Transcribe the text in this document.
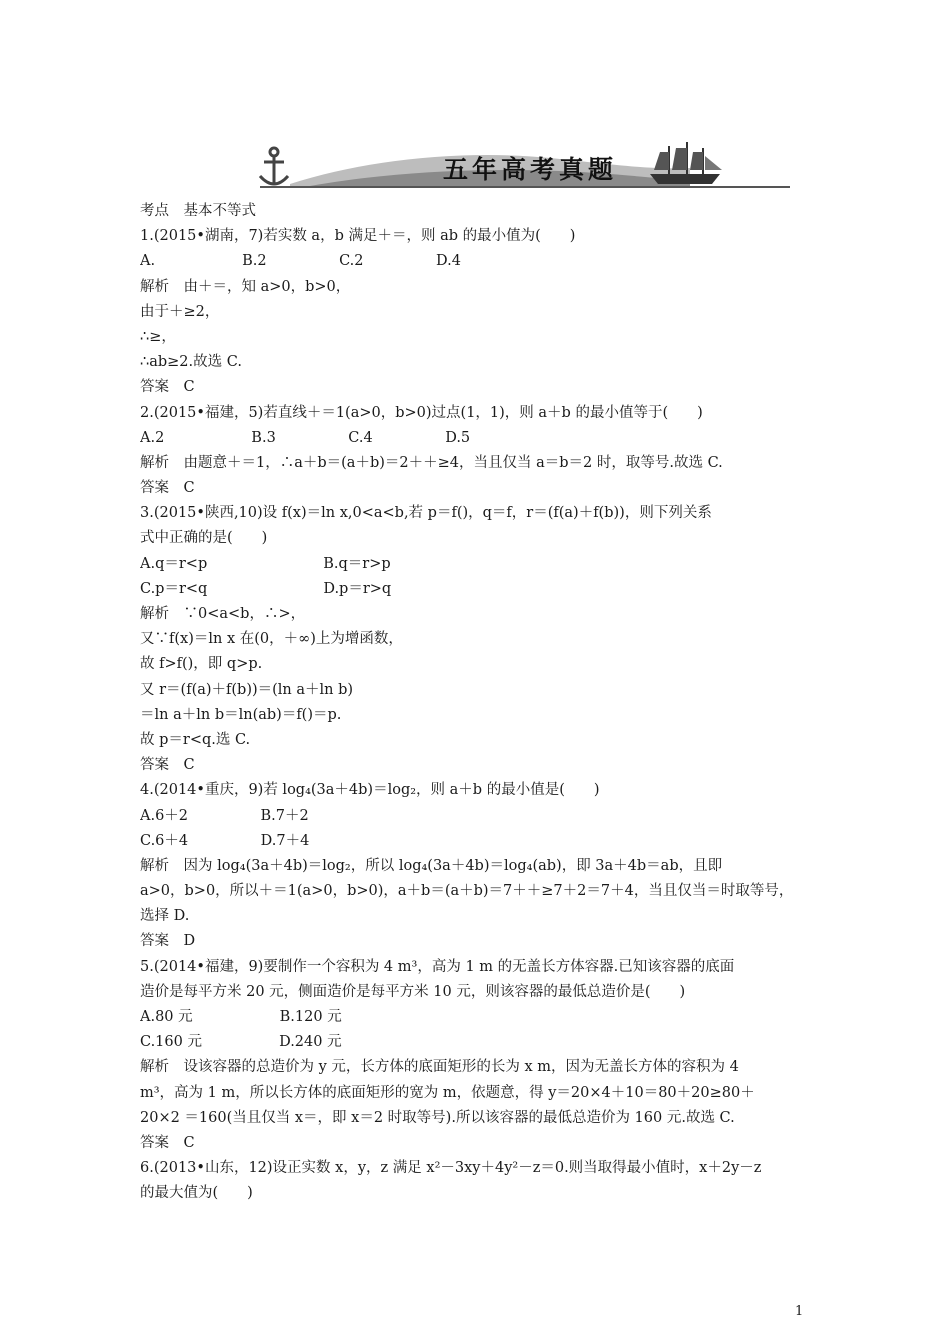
五年高考真题
考点　基本不等式
1.(2015•湖南，7)若实数 a，b 满足＋＝，则 ab 的最小值为(　　)
A.　　　　　　B.2　　　　　C.2　　　　　D.4
解析　由＋＝，知 a>0，b>0，
由于＋≥2，
∴≥，
∴ab≥2.故选 C.
答案　C
2.(2015•福建，5)若直线＋＝1(a>0，b>0)过点(1，1)，则 a＋b 的最小值等于(　　)
A.2　　　　　　B.3　　　　　C.4　　　　　D.5
解析　由题意＋＝1，∴a＋b＝(a＋b)＝2＋＋≥4，当且仅当 a＝b＝2 时，取等号.故选 C.
答案　C
3.(2015•陕西,10)设 f(x)＝ln x,0<a<b,若 p＝f()，q＝f，r＝(f(a)＋f(b))，则下列关系
式中正确的是(　　)
A.q＝r<p　　　　　　　　B.q＝r>p
C.p＝r<q　　　　　　　　D.p＝r>q
解析　∵0<a<b，∴>，
又∵f(x)＝ln x 在(0，＋∞)上为增函数，
故 f>f()，即 q>p.
又 r＝(f(a)＋f(b))＝(ln a＋ln b)
＝ln a＋ln b＝ln(ab)＝f()＝p.
故 p＝r<q.选 C.
答案　C
4.(2014•重庆，9)若 log₄(3a＋4b)＝log₂，则 a＋b 的最小值是(　　)
A.6＋2　　　　　B.7＋2
C.6＋4　　　　　D.7＋4
解析　因为 log₄(3a＋4b)＝log₂，所以 log₄(3a＋4b)＝log₄(ab)，即 3a＋4b＝ab，且即
a>0，b>0，所以＋＝1(a>0，b>0)，a＋b＝(a＋b)＝7＋＋≥7＋2＝7＋4，当且仅当＝时取等号，
选择 D.
答案　D
5.(2014•福建，9)要制作一个容积为 4 m³，高为 1 m 的无盖长方体容器.已知该容器的底面
造价是每平方米 20 元，侧面造价是每平方米 10 元，则该容器的最低总造价是(　　)
A.80 元　　　　　　B.120 元
C.160 元　　　　　 D.240 元
解析　设该容器的总造价为 y 元，长方体的底面矩形的长为 x m，因为无盖长方体的容积为 4
m³，高为 1 m，所以长方体的底面矩形的宽为 m，依题意，得 y＝20×4＋10＝80＋20≥80＋
20×2 ＝160(当且仅当 x＝，即 x＝2 时取等号).所以该容器的最低总造价为 160 元.故选 C.
答案　C
6.(2013•山东，12)设正实数 x，y，z 满足 x²－3xy＋4y²－z＝0.则当取得最小值时，x＋2y－z
的最大值为(　　)
1
